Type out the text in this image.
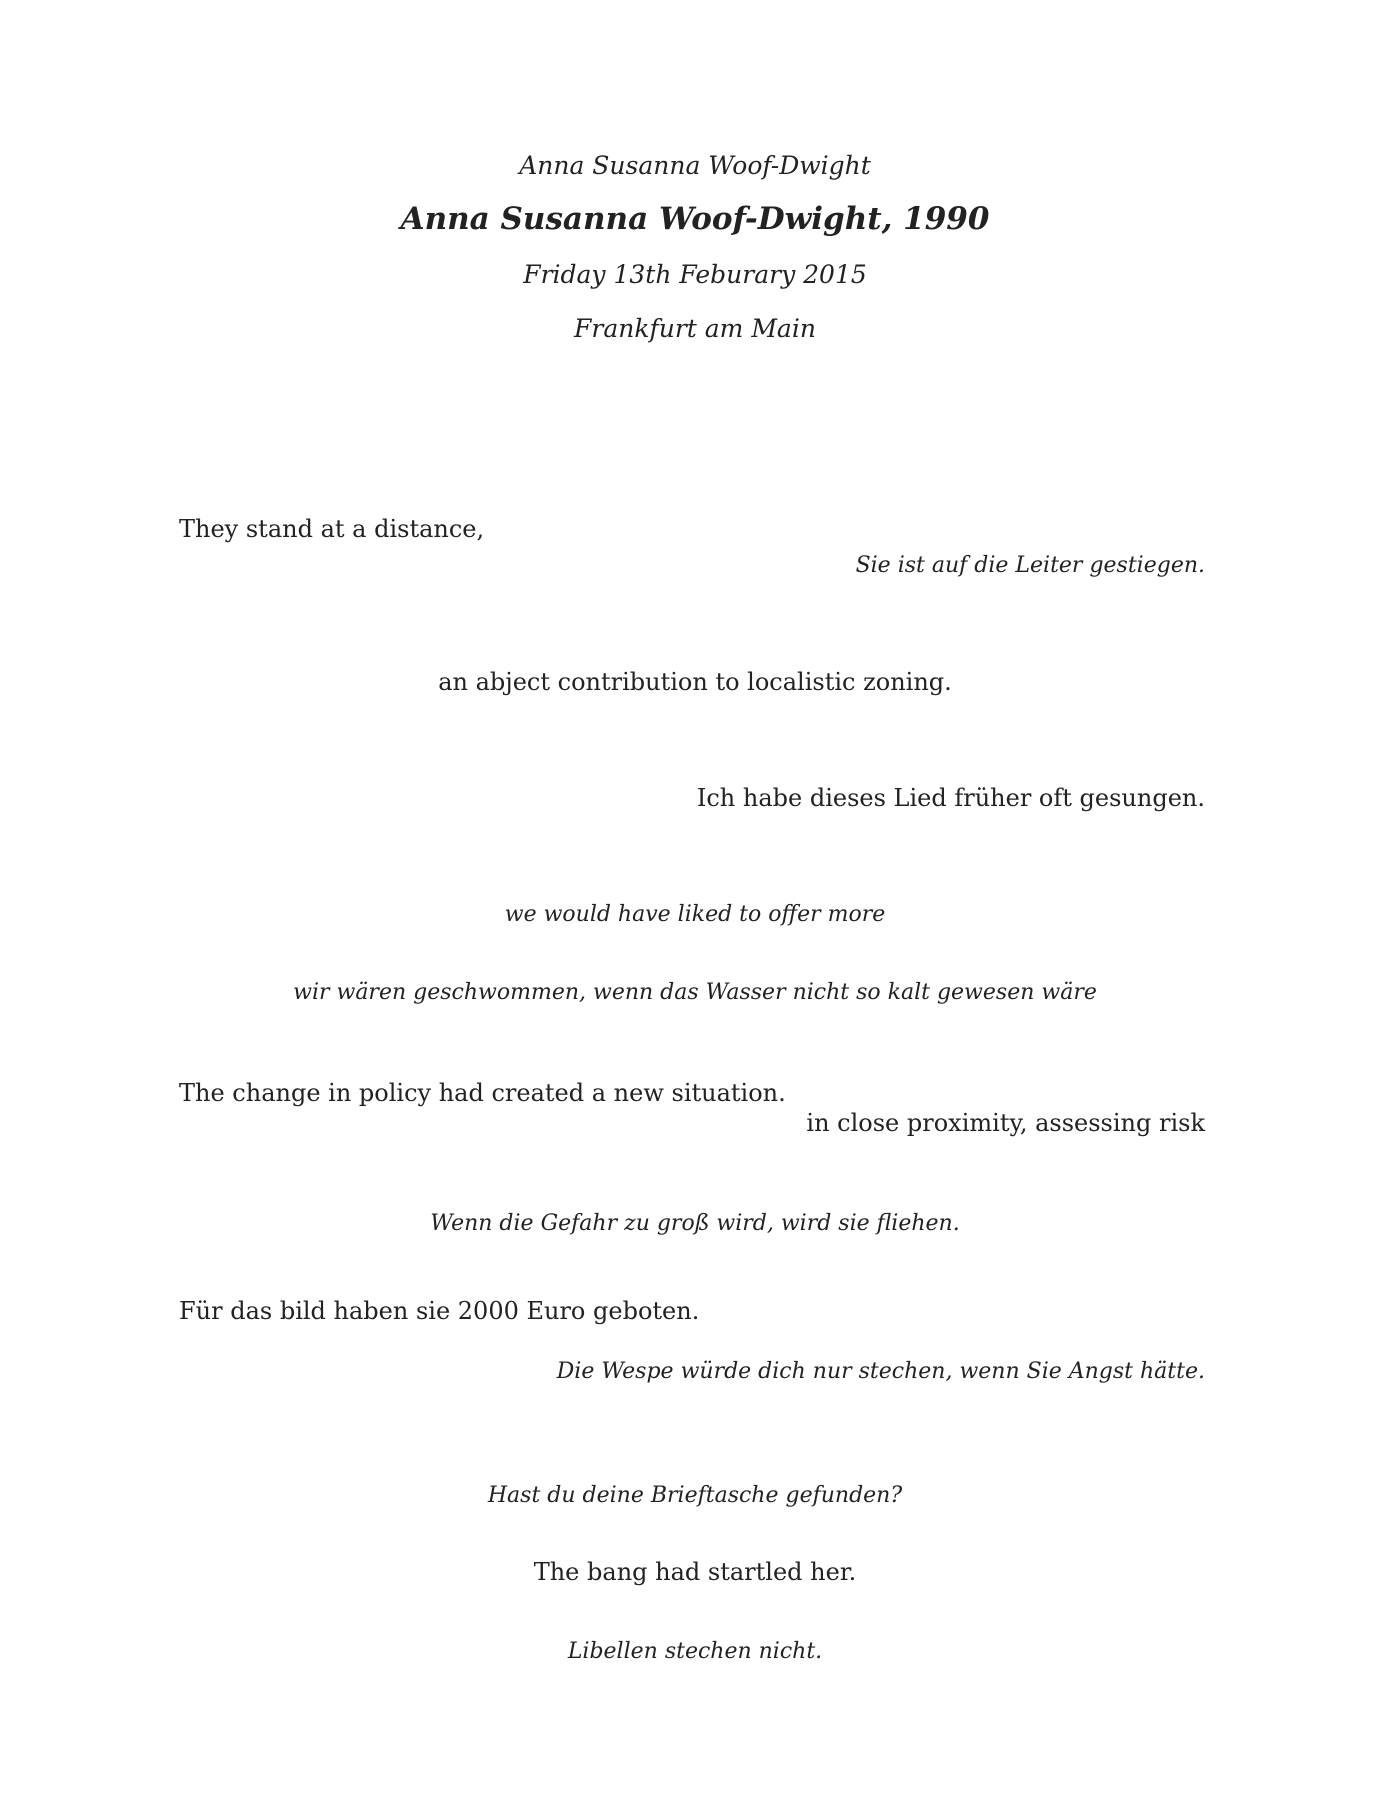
Anna Susanna Woof-Dwight
Anna Susanna Woof-Dwight, 1990
Friday 13th Feburary 2015
Frankfurt am Main
They stand at a distance,
Sie ist auf die Leiter gestiegen.
an abject contribution to localistic zoning.
Ich habe dieses Lied früher oft gesungen.
we would have liked to offer more
wir wären geschwommen, wenn das Wasser nicht so kalt gewesen wäre
The change in policy had created a new situation.
in close proximity, assessing risk
Wenn die Gefahr zu groß wird, wird sie fliehen.
Für das bild haben sie 2000 Euro geboten.
Die Wespe würde dich nur stechen, wenn Sie Angst hätte.
Hast du deine Brieftasche gefunden?
The bang had startled her.
Libellen stechen nicht.
